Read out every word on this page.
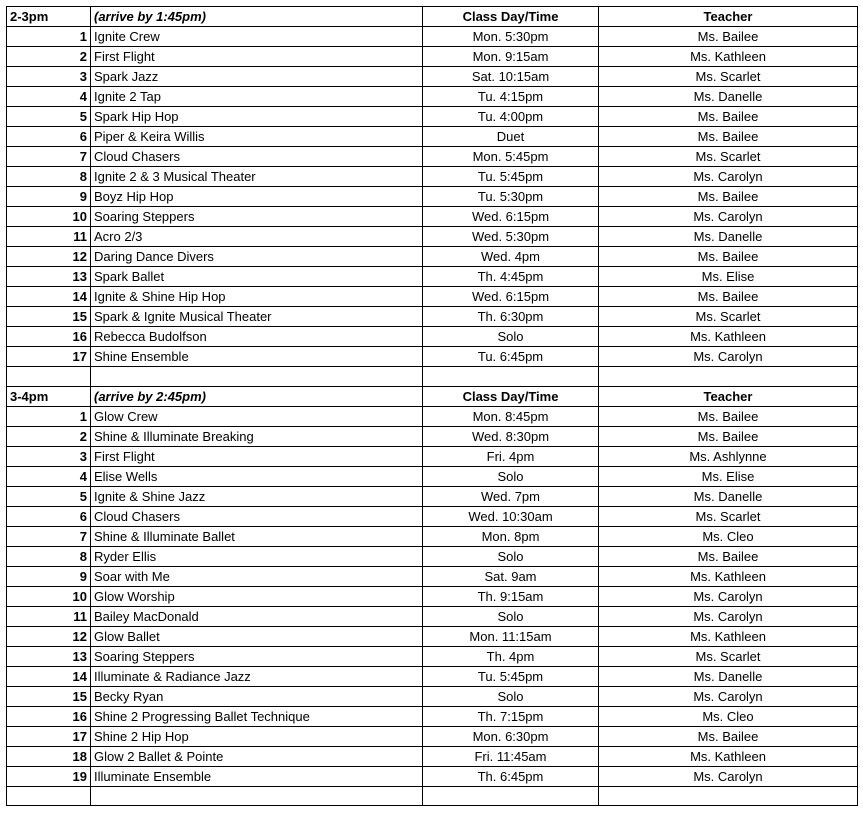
2-3pm	(arrive by 1:45pm)	Class Day/Time	Teacher
1	Ignite Crew	Mon. 5:30pm	Ms. Bailee
2	First Flight	Mon. 9:15am	Ms. Kathleen
3	Spark Jazz	Sat. 10:15am	Ms. Scarlet
4	Ignite 2 Tap	Tu. 4:15pm	Ms. Danelle
5	Spark Hip Hop	Tu. 4:00pm	Ms. Bailee
6	Piper & Keira Willis	Duet	Ms. Bailee
7	Cloud Chasers	Mon. 5:45pm	Ms. Scarlet
8	Ignite 2 & 3 Musical Theater	Tu. 5:45pm	Ms. Carolyn
9	Boyz Hip Hop	Tu. 5:30pm	Ms. Bailee
10	Soaring Steppers	Wed. 6:15pm	Ms. Carolyn
11	Acro 2/3	Wed. 5:30pm	Ms. Danelle
12	Daring Dance Divers	Wed. 4pm	Ms. Bailee
13	Spark Ballet	Th. 4:45pm	Ms. Elise
14	Ignite & Shine Hip Hop	Wed. 6:15pm	Ms. Bailee
15	Spark & Ignite Musical Theater	Th. 6:30pm	Ms. Scarlet
16	Rebecca Budolfson	Solo	Ms. Kathleen
17	Shine Ensemble	Tu. 6:45pm	Ms. Carolyn

3-4pm	(arrive by 2:45pm)	Class Day/Time	Teacher
1	Glow Crew	Mon. 8:45pm	Ms. Bailee
2	Shine & Illuminate Breaking	Wed. 8:30pm	Ms. Bailee
3	First Flight	Fri. 4pm	Ms. Ashlynne
4	Elise Wells	Solo	Ms. Elise
5	Ignite & Shine Jazz	Wed. 7pm	Ms. Danelle
6	Cloud Chasers	Wed. 10:30am	Ms. Scarlet
7	Shine & Illuminate Ballet	Mon. 8pm	Ms. Cleo
8	Ryder Ellis	Solo	Ms. Bailee
9	Soar with Me	Sat. 9am	Ms. Kathleen
10	Glow Worship	Th. 9:15am	Ms. Carolyn
11	Bailey MacDonald	Solo	Ms. Carolyn
12	Glow Ballet	Mon. 11:15am	Ms. Kathleen
13	Soaring Steppers	Th. 4pm	Ms. Scarlet
14	Illuminate & Radiance Jazz	Tu. 5:45pm	Ms. Danelle
15	Becky Ryan	Solo	Ms. Carolyn
16	Shine 2 Progressing Ballet Technique	Th. 7:15pm	Ms. Cleo
17	Shine 2 Hip Hop	Mon. 6:30pm	Ms. Bailee
18	Glow 2 Ballet & Pointe	Fri. 11:45am	Ms. Kathleen
19	Illuminate Ensemble	Th. 6:45pm	Ms. Carolyn
